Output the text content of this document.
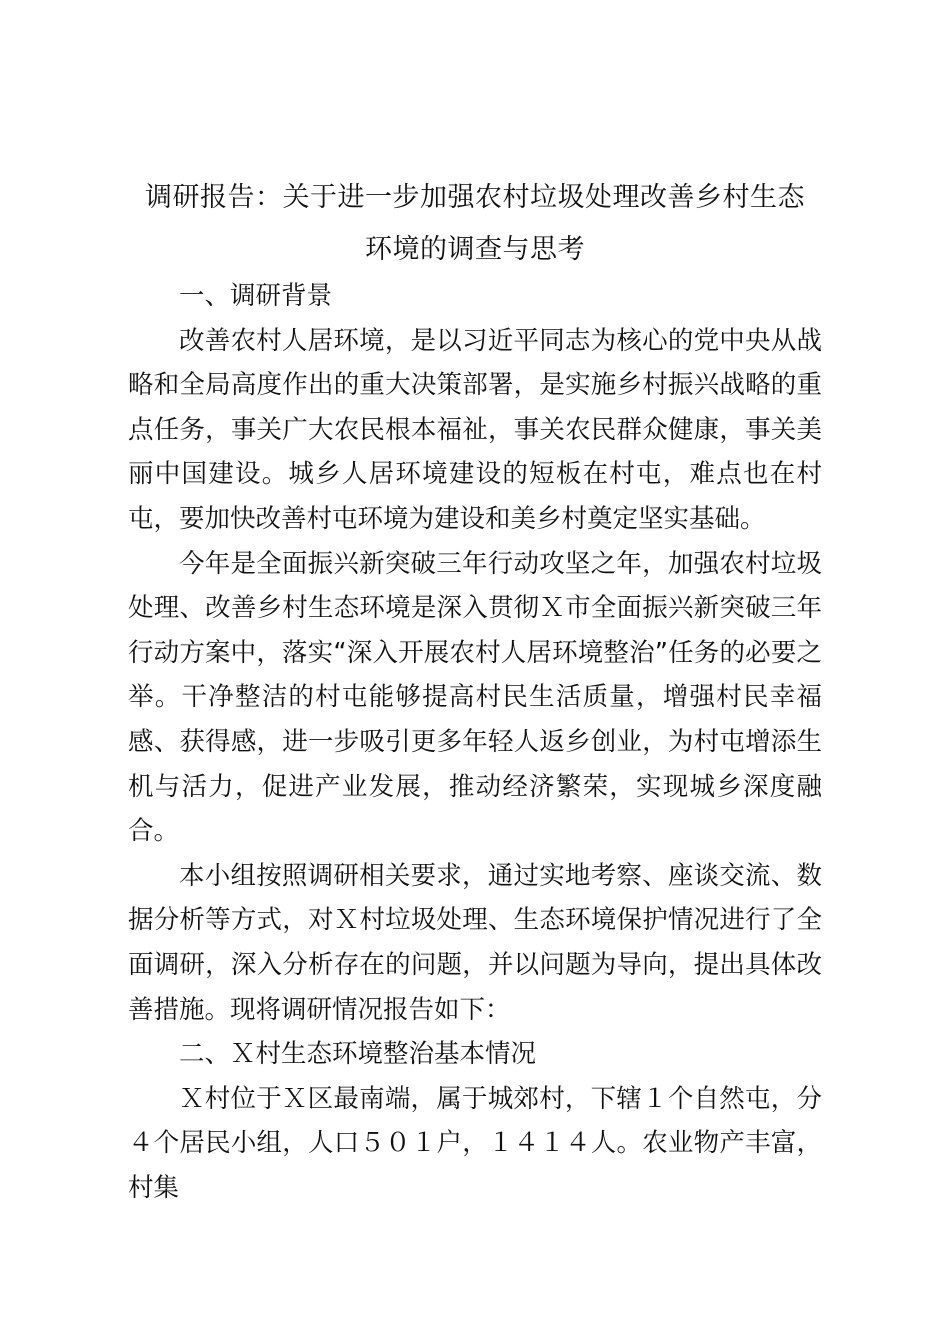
调研报告：关于进一步加强农村垃圾处理改善乡村生态
环境的调查与思考
一、调研背景

改善农村人居环境，是以习近平同志为核心的党中央从战略和全局高度作出的重大决策部署，是实施乡村振兴战略的重点任务，事关广大农民根本福祉，事关农民群众健康，事关美丽中国建设。城乡人居环境建设的短板在村屯，难点也在村屯，要加快改善村屯环境为建设和美乡村奠定坚实基础。

今年是全面振兴新突破三年行动攻坚之年，加强农村垃圾处理、改善乡村生态环境是深入贯彻Ｘ市全面振兴新突破三年行动方案中，落实“深入开展农村人居环境整治”任务的必要之举。干净整洁的村屯能够提高村民生活质量，增强村民幸福感、获得感，进一步吸引更多年轻人返乡创业，为村屯增添生机与活力，促进产业发展，推动经济繁荣，实现城乡深度融合。

本小组按照调研相关要求，通过实地考察、座谈交流、数据分析等方式，对Ｘ村垃圾处理、生态环境保护情况进行了全面调研，深入分析存在的问题，并以问题为导向，提出具体改善措施。现将调研情况报告如下：

二、Ｘ村生态环境整治基本情况

Ｘ村位于Ｘ区最南端，属于城郊村，下辖１个自然屯，分４个居民小组，人口５０１户，１４１４人。农业物产丰富，村集
